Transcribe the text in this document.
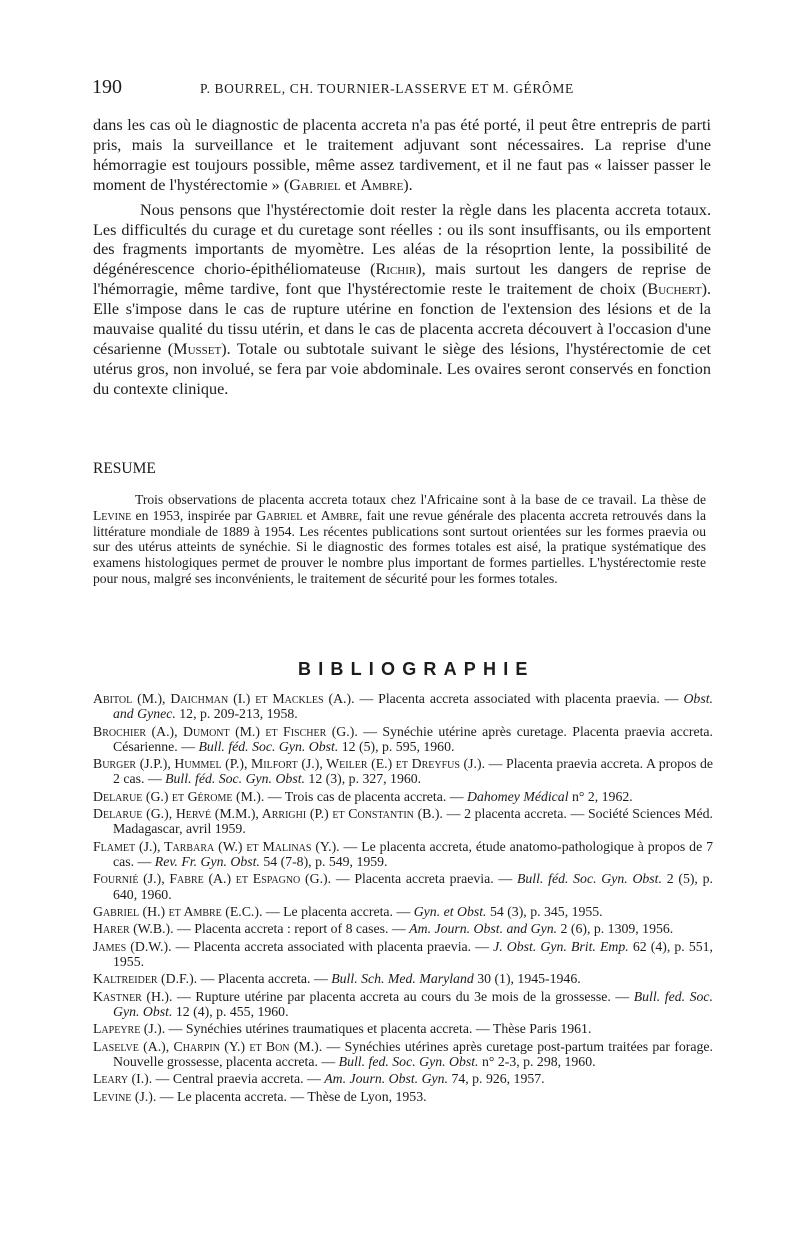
190	P. BOURREL, CH. TOURNIER-LASSERVE ET M. GÉRÔME

dans les cas où le diagnostic de placenta accreta n'a pas été porté, il peut être entrepris de parti pris, mais la surveillance et le traitement adjuvant sont nécessaires. La reprise d'une hémorragie est toujours possible, même assez tardivement, et il ne faut pas « laisser passer le moment de l'hystérectomie » (Gabriel et Ambre).

Nous pensons que l'hystérectomie doit rester la règle dans les placenta accreta totaux. Les difficultés du curage et du curetage sont réelles : ou ils sont insuffisants, ou ils emportent des fragments importants de myomètre. Les aléas de la résoprtion lente, la possibilité de dégénérescence chorio-épithéliomateuse (Richir), mais surtout les dangers de reprise de l'hémorragie, même tardive, font que l'hystérectomie reste le traitement de choix (Buchert). Elle s'impose dans le cas de rupture utérine en fonction de l'extension des lésions et de la mauvaise qualité du tissu utérin, et dans le cas de placenta accreta découvert à l'occasion d'une césarienne (Musset). Totale ou subtotale suivant le siège des lésions, l'hystérectomie de cet utérus gros, non involué, se fera par voie abdominale. Les ovaires seront conservés en fonction du contexte clinique.

RESUME

Trois observations de placenta accreta totaux chez l'Africaine sont à la base de ce travail. La thèse de Levine en 1953, inspirée par Gabriel et Ambre, fait une revue générale des placenta accreta retrouvés dans la littérature mondiale de 1889 à 1954. Les récentes publications sont surtout orientées sur les formes praevia ou sur des utérus atteints de synéchie. Si le diagnostic des formes totales est aisé, la pratique systématique des examens histologiques permet de prouver le nombre plus important de formes partielles. L'hystérectomie reste pour nous, malgré ses inconvénients, le traitement de sécurité pour les formes totales.

BIBLIOGRAPHIE
Abitol (M.), Daichman (I.) et Mackles (A.). — Placenta accreta associated with placenta praevia. — Obst. and Gynec. 12, p. 209-213, 1958.
Brochier (A.), Dumont (M.) et Fischer (G.). — Synéchie utérine après curetage. Placenta praevia accreta. Césarienne. — Bull. féd. Soc. Gyn. Obst. 12 (5), p. 595, 1960.
Burger (J.P.), Hummel (P.), Milfort (J.), Weiler (E.) et Dreyfus (J.). — Placenta praevia accreta. A propos de 2 cas. — Bull. féd. Soc. Gyn. Obst. 12 (3), p. 327, 1960.
Delarue (G.) et Gérome (M.). — Trois cas de placenta accreta. — Dahomey Médical n° 2, 1962.
Delarue (G.), Hervé (M.M.), Arrighi (P.) et Constantin (B.). — 2 placenta accreta. — Société Sciences Méd. Madagascar, avril 1959.
Flamet (J.), Tarbara (W.) et Malinas (Y.). — Le placenta accreta, étude anatomo-pathologique à propos de 7 cas. — Rev. Fr. Gyn. Obst. 54 (7-8), p. 549, 1959.
Fournié (J.), Fabre (A.) et Espagno (G.). — Placenta accreta praevia. — Bull. féd. Soc. Gyn. Obst. 2 (5), p. 640, 1960.
Gabriel (H.) et Ambre (E.C.). — Le placenta accreta. — Gyn. et Obst. 54 (3), p. 345, 1955.
Harer (W.B.). — Placenta accreta : report of 8 cases. — Am. Journ. Obst. and Gyn. 2 (6), p. 1309, 1956.
James (D.W.). — Placenta accreta associated with placenta praevia. — J. Obst. Gyn. Brit. Emp. 62 (4), p. 551, 1955.
Kaltreider (D.F.). — Placenta accreta. — Bull. Sch. Med. Maryland 30 (1), 1945-1946.
Kastner (H.). — Rupture utérine par placenta accreta au cours du 3e mois de la grossesse. — Bull. fed. Soc. Gyn. Obst. 12 (4), p. 455, 1960.
Lapeyre (J.). — Synéchies utérines traumatiques et placenta accreta. — Thèse Paris 1961.
Laselve (A.), Charpin (Y.) et Bon (M.). — Synéchies utérines après curetage post-partum traitées par forage. Nouvelle grossesse, placenta accreta. — Bull. fed. Soc. Gyn. Obst. n° 2-3, p. 298, 1960.
Leary (I.). — Central praevia accreta. — Am. Journ. Obst. Gyn. 74, p. 926, 1957.
Levine (J.). — Le placenta accreta. — Thèse de Lyon, 1953.
